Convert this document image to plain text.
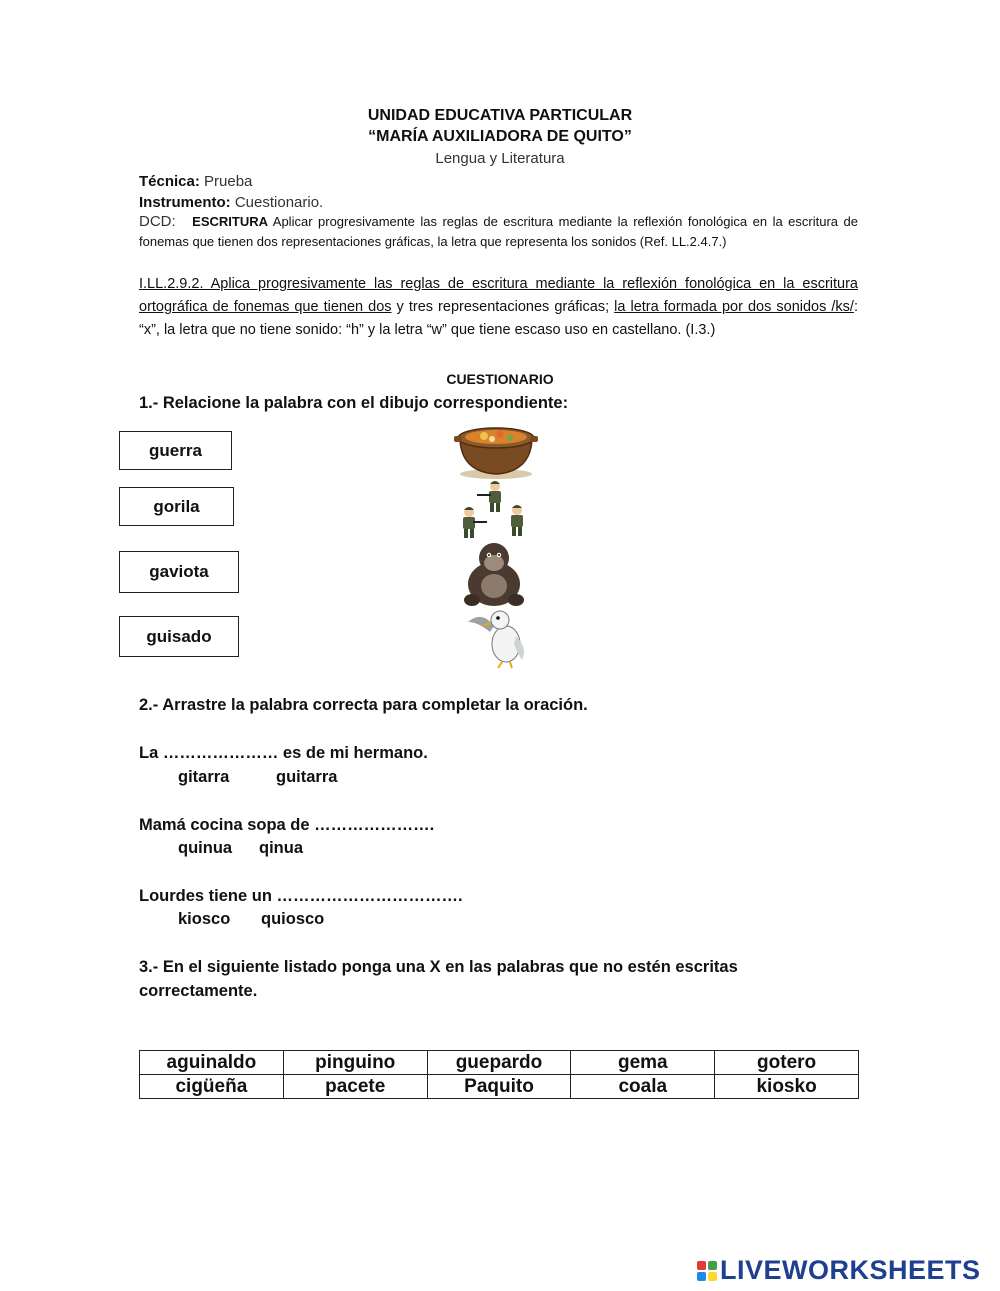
UNIDAD EDUCATIVA PARTICULAR
“MARÍA AUXILIADORA DE QUITO”
Lengua y Literatura
Técnica: Prueba
Instrumento: Cuestionario.
DCD: ESCRITURA Aplicar progresivamente las reglas de escritura mediante la reflexión fonológica en la escritura de fonemas que tienen dos representaciones gráficas, la letra que representa los sonidos (Ref. LL.2.4.7.)
I.LL.2.9.2. Aplica progresivamente las reglas de escritura mediante la reflexión fonológica en la escritura ortográfica de fonemas que tienen dos y tres representaciones gráficas; la letra formada por dos sonidos /ks/: “x”, la letra que no tiene sonido: “h” y la letra “w” que tiene escaso uso en castellano. (I.3.)
CUESTIONARIO
1.- Relacione la palabra con el dibujo correspondiente:
guerra
gorila
gaviota
guisado
2.- Arrastre la palabra correcta para completar la oración.
La ………………… es de mi hermano.
gitarra	guitarra
Mamá cocina sopa de ………………….
quinua qinua
Lourdes tiene un …………………………….
kiosco quiosco
3.- En el siguiente listado ponga una X en las palabras que no estén escritas
correctamente.
aguinaldo	pinguino	guepardo	gema	gotero
cigüeña	pacete	Paquito	coala	kiosko
LIVEWORKSHEETS
